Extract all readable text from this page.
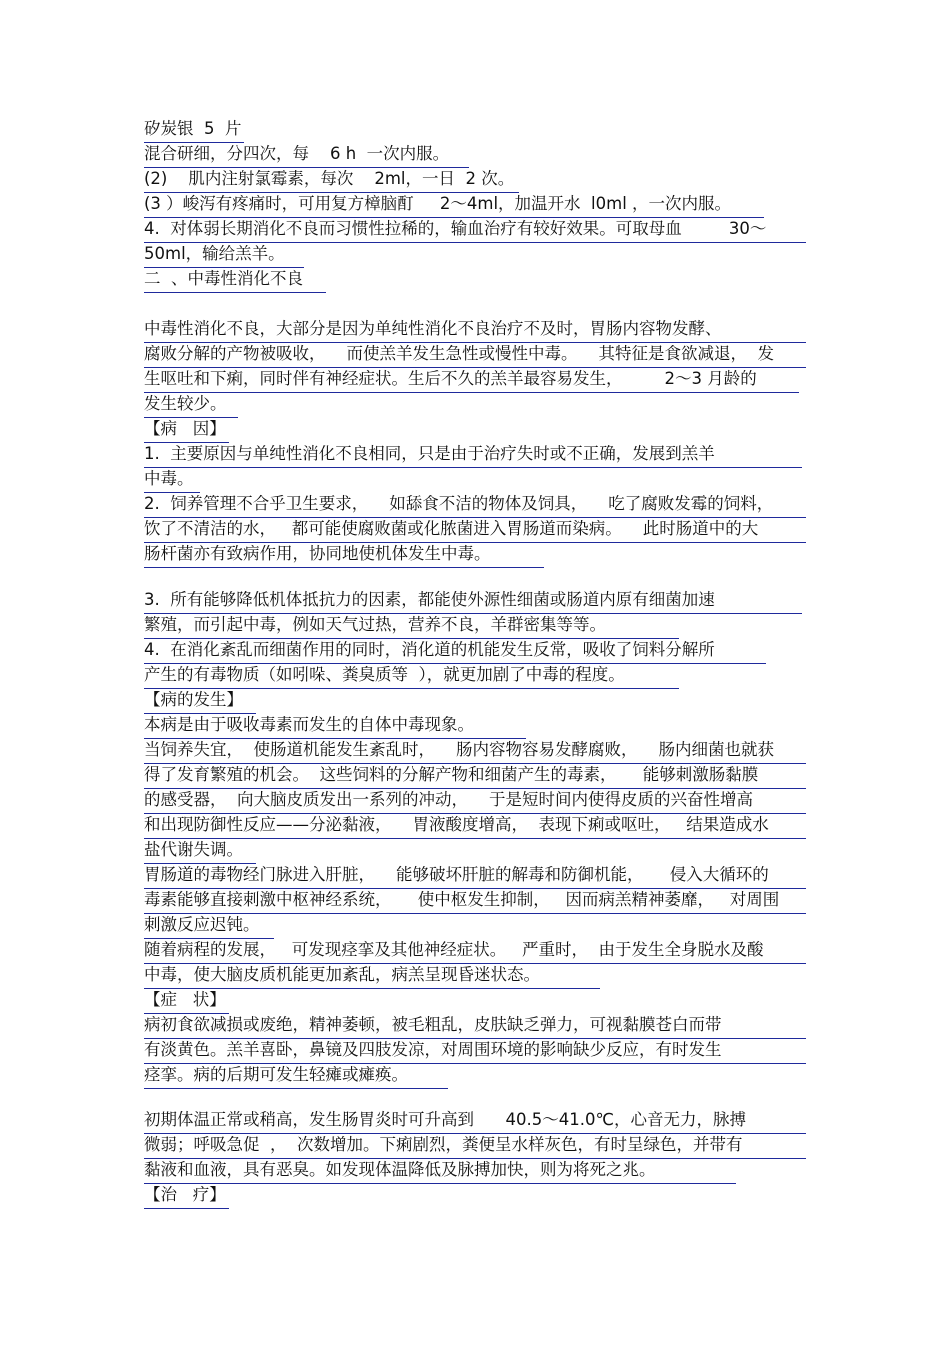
矽炭银  5  片
混合研细，分四次，每    6 h  一次内服。
(2)    肌内注射氯霉素，每次    2ml，一日  2 次。
(3 ）峻泻有疼痛时，可用复方樟脑酊     2～4ml，加温开水  l0ml ，一次内服。
4.  对体弱长期消化不良而习惯性拉稀的，输血治疗有较好效果。可取母血         30～
50ml，输给羔羊。
二  、中毒性消化不良
中毒性消化不良，大部分是因为单纯性消化不良治疗不及时，胃肠内容物发酵、
腐败分解的产物被吸收，    而使羔羊发生急性或慢性中毒。    其特征是食欲减退，  发
生呕吐和下痢，同时伴有神经症状。生后不久的羔羊最容易发生，        2～3 月龄的
发生较少。
【病   因】
1.  主要原因与单纯性消化不良相同，只是由于治疗失时或不正确，发展到羔羊
中毒。
2.  饲养管理不合乎卫生要求，    如舔食不洁的物体及饲具，    吃了腐败发霉的饲料，
饮了不清洁的水，   都可能使腐败菌或化脓菌进入胃肠道而染病。    此时肠道中的大
肠杆菌亦有致病作用，协同地使机体发生中毒。
3.  所有能够降低机体抵抗力的因素，都能使外源性细菌或肠道内原有细菌加速
繁殖，而引起中毒，例如天气过热，营养不良，羊群密集等等。
4.  在消化紊乱而细菌作用的同时，消化道的机能发生反常，吸收了饲料分解所
产生的有毒物质（如吲哚、粪臭质等  ），就更加剧了中毒的程度。
【病的发生】
本病是由于吸收毒素而发生的自体中毒现象。
当饲养失宜，  使肠道机能发生紊乱时，    肠内容物容易发酵腐败，    肠内细菌也就获
得了发育繁殖的机会。  这些饲料的分解产物和细菌产生的毒素，     能够刺激肠黏膜
的感受器，  向大脑皮质发出一系列的冲动，    于是短时间内使得皮质的兴奋性增高
和出现防御性反应——分泌黏液，    胃液酸度增高，  表现下痢或呕吐，   结果造成水
盐代谢失调。
胃肠道的毒物经门脉进入肝脏，    能够破坏肝脏的解毒和防御机能，     侵入大循环的
毒素能够直接刺激中枢神经系统，     使中枢发生抑制，   因而病羔精神萎靡，   对周围
刺激反应迟钝。
随着病程的发展，   可发现痉挛及其他神经症状。   严重时，  由于发生全身脱水及酸
中毒，使大脑皮质机能更加紊乱，病羔呈现昏迷状态。
【症   状】
病初食欲减损或废绝，精神萎顿，被毛粗乱，皮肤缺乏弹力，可视黏膜苍白而带
有淡黄色。羔羊喜卧，鼻镜及四肢发凉，对周围环境的影响缺少反应，有时发生
痉挛。病的后期可发生轻瘫或瘫痪。
初期体温正常或稍高，发生肠胃炎时可升高到      40.5～41.0℃，心音无力，脉搏
微弱；呼吸急促  ，  次数增加。下痢剧烈，粪便呈水样灰色，有时呈绿色，并带有
黏液和血液，具有恶臭。如发现体温降低及脉搏加快，则为将死之兆。
【治   疗】
